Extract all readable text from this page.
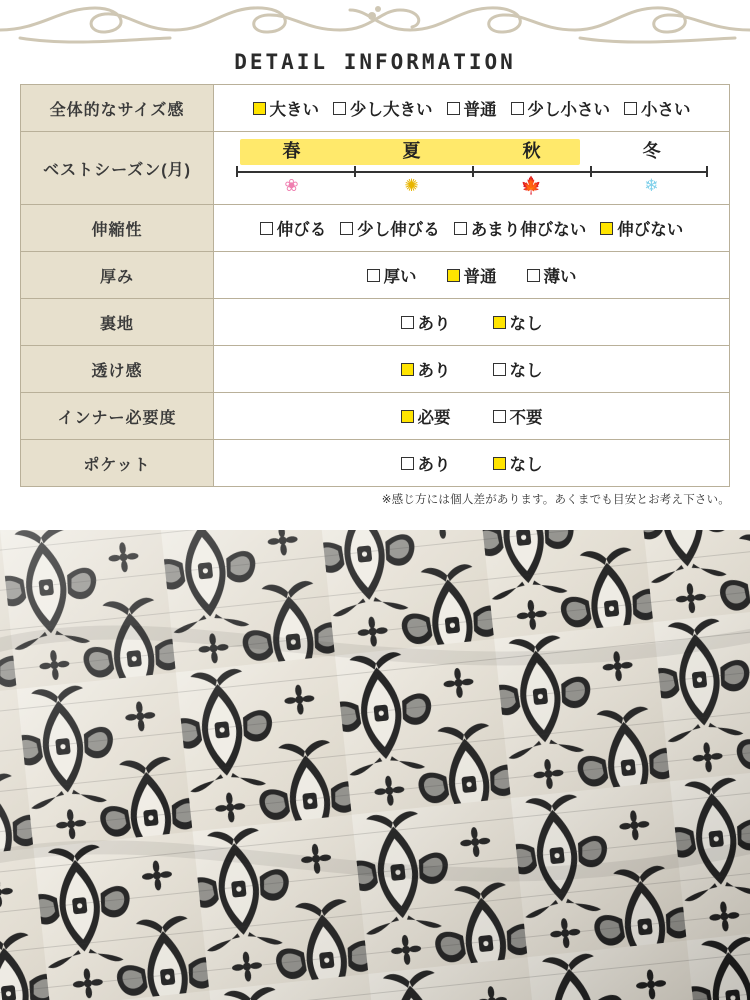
DETAIL INFORMATION
全体的なサイズ感	大きい 少し大きい 普通 少し小さい 小さい

ベストシーズン(月)	
春	夏	秋	冬
❀	✺	🍁	❄

伸縮性	伸びる 少し伸びる あまり伸びない 伸びない

厚み	厚い 普通 薄い

裏地	あり なし

透け感	あり なし

インナー必要度	必要 不要

ポケット	あり なし
※感じ方には個人差があります。あくまでも目安とお考え下さい。
